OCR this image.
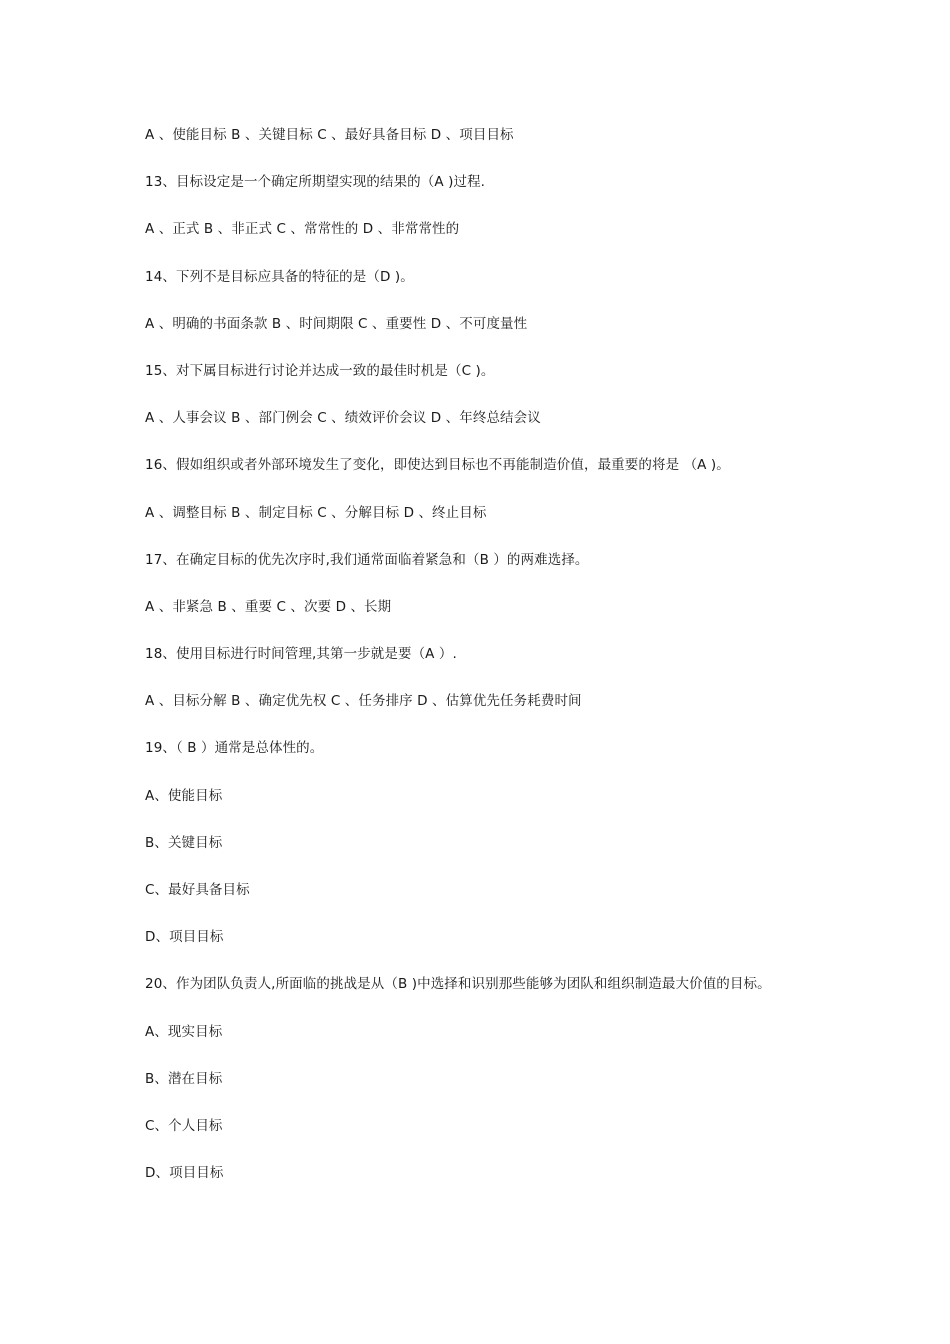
A 、使能目标 B 、关键目标 C 、最好具备目标 D 、项目目标
13、目标设定是一个确定所期望实现的结果的（A )过程.
A 、正式 B 、非正式 C 、常常性的 D 、非常常性的
14、下列不是目标应具备的特征的是（D )。
A 、明确的书面条款 B 、时间期限 C 、重要性 D 、不可度量性
15、对下属目标进行讨论并达成一致的最佳时机是（C )。
A 、人事会议 B 、部门例会 C 、绩效评价会议 D 、年终总结会议
16、假如组织或者外部环境发生了变化，即使达到目标也不再能制造价值，最重要的将是 （A )。
A 、调整目标 B 、制定目标 C 、分解目标 D 、终止目标
17、在确定目标的优先次序时,我们通常面临着紧急和（B ）的两难选择。
A 、非紧急 B 、重要 C 、次要 D 、长期
18、使用目标进行时间管理,其第一步就是要（A ）.
A 、目标分解 B 、确定优先权 C 、任务排序 D 、估算优先任务耗费时间
19、（ B ）通常是总体性的。
A、使能目标
B、关键目标
C、最好具备目标
D、项目目标
20、作为团队负责人,所面临的挑战是从（B )中选择和识别那些能够为团队和组织制造最大价值的目标。
A、现实目标
B、潜在目标
C、个人目标
D、项目目标
